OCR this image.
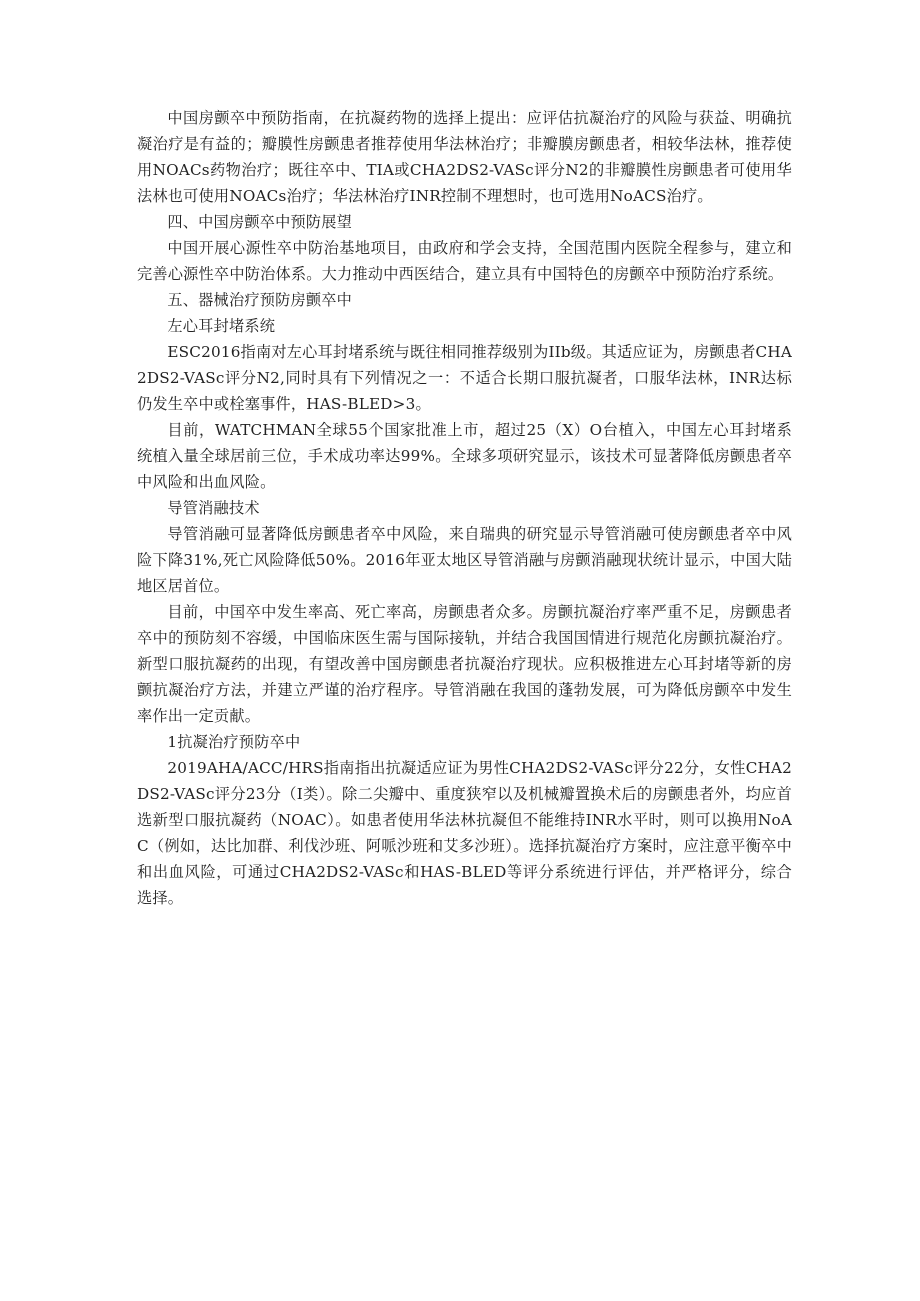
中国房颤卒中预防指南，在抗凝药物的选择上提出：应评估抗凝治疗的风险与获益、明确抗凝治疗是有益的；瓣膜性房颤患者推荐使用华法林治疗；非瓣膜房颤患者，相较华法林，推荐使用NOACs药物治疗；既往卒中、TIA或CHA2DS2-VASc评分N2的非瓣膜性房颤患者可使用华法林也可使用NOACs治疗；华法林治疗INR控制不理想时，也可选用NoACS治疗。

四、中国房颤卒中预防展望

中国开展心源性卒中防治基地项目，由政府和学会支持，全国范围内医院全程参与，建立和完善心源性卒中防治体系。大力推动中西医结合，建立具有中国特色的房颤卒中预防治疗系统。

五、器械治疗预防房颤卒中

左心耳封堵系统

ESC2016指南对左心耳封堵系统与既往相同推荐级别为IIb级。其适应证为，房颤患者CHA2DS2-VASc评分N2,同时具有下列情况之一：不适合长期口服抗凝者，口服华法林，INR达标仍发生卒中或栓塞事件，HAS-BLED>3。

目前，WATCHMAN全球55个国家批准上市，超过25（X）O台植入，中国左心耳封堵系统植入量全球居前三位，手术成功率达99%。全球多项研究显示，该技术可显著降低房颤患者卒中风险和出血风险。

导管消融技术

导管消融可显著降低房颤患者卒中风险，来自瑞典的研究显示导管消融可使房颤患者卒中风险下降31%,死亡风险降低50%。2016年亚太地区导管消融与房颤消融现状统计显示，中国大陆地区居首位。

目前，中国卒中发生率高、死亡率高，房颤患者众多。房颤抗凝治疗率严重不足，房颤患者卒中的预防刻不容缓，中国临床医生需与国际接轨，并结合我国国情进行规范化房颤抗凝治疗。新型口服抗凝药的出现，有望改善中国房颤患者抗凝治疗现状。应积极推进左心耳封堵等新的房颤抗凝治疗方法，并建立严谨的治疗程序。导管消融在我国的蓬勃发展，可为降低房颤卒中发生率作出一定贡献。

1抗凝治疗预防卒中

2019AHA/ACC/HRS指南指出抗凝适应证为男性CHA2DS2-VASc评分22分，女性CHA2DS2-VASc评分23分（I类）。除二尖瓣中、重度狭窄以及机械瓣置换术后的房颤患者外，均应首选新型口服抗凝药（NOAC）。如患者使用华法林抗凝但不能维持INR水平时，则可以换用NoAC（例如，达比加群、利伐沙班、阿哌沙班和艾多沙班）。选择抗凝治疗方案时，应注意平衡卒中和出血风险，可通过CHA2DS2-VASc和HAS-BLED等评分系统进行评估，并严格评分，综合选择。
